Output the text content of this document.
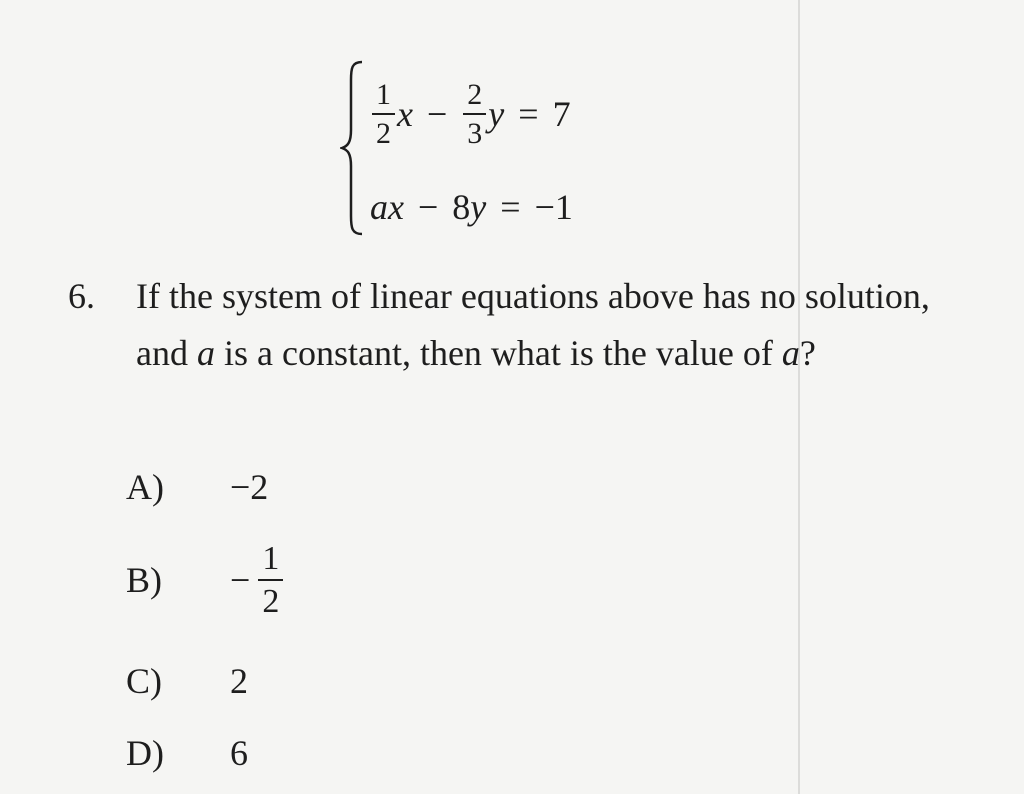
$\frac{1}{2}$ $x - \frac{2}{3}$ y = 7
a x − 8 y = −1
6. If the system of linear equations above has no solution, and a is a constant, then what is the value of a?
A)	−2
B)	− $\frac{1}{2}$
C)	2
D)	6
